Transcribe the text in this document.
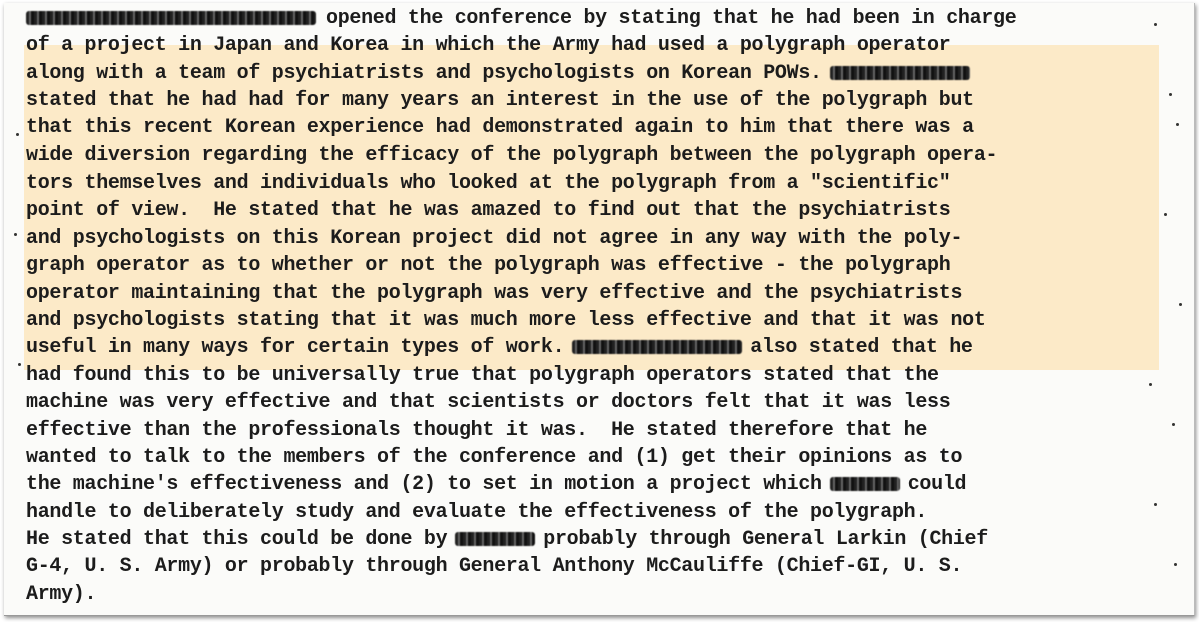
opened the conference by stating that he had been in charge
of a project in Japan and Korea in which the Army had used a polygraph operator
along with a team of psychiatrists and psychologists on Korean POWs.
stated that he had had for many years an interest in the use of the polygraph but
that this recent Korean experience had demonstrated again to him that there was a
wide diversion regarding the efficacy of the polygraph between the polygraph opera-
tors themselves and individuals who looked at the polygraph from a "scientific"
point of view.  He stated that he was amazed to find out that the psychiatrists
and psychologists on this Korean project did not agree in any way with the poly-
graph operator as to whether or not the polygraph was effective - the polygraph
operator maintaining that the polygraph was very effective and the psychiatrists
and psychologists stating that it was much more less effective and that it was not
useful in many ways for certain types of work.	also stated that he
had found this to be universally true that polygraph operators stated that the
machine was very effective and that scientists or doctors felt that it was less
effective than the professionals thought it was.  He stated therefore that he
wanted to talk to the members of the conference and (1) get their opinions as to
the machine's effectiveness and (2) to set in motion a project which	could
handle to deliberately study and evaluate the effectiveness of the polygraph.
He stated that this could be done by	probably through General Larkin (Chief
G-4, U. S. Army) or probably through General Anthony McCauliffe (Chief-GI, U. S.
Army).
